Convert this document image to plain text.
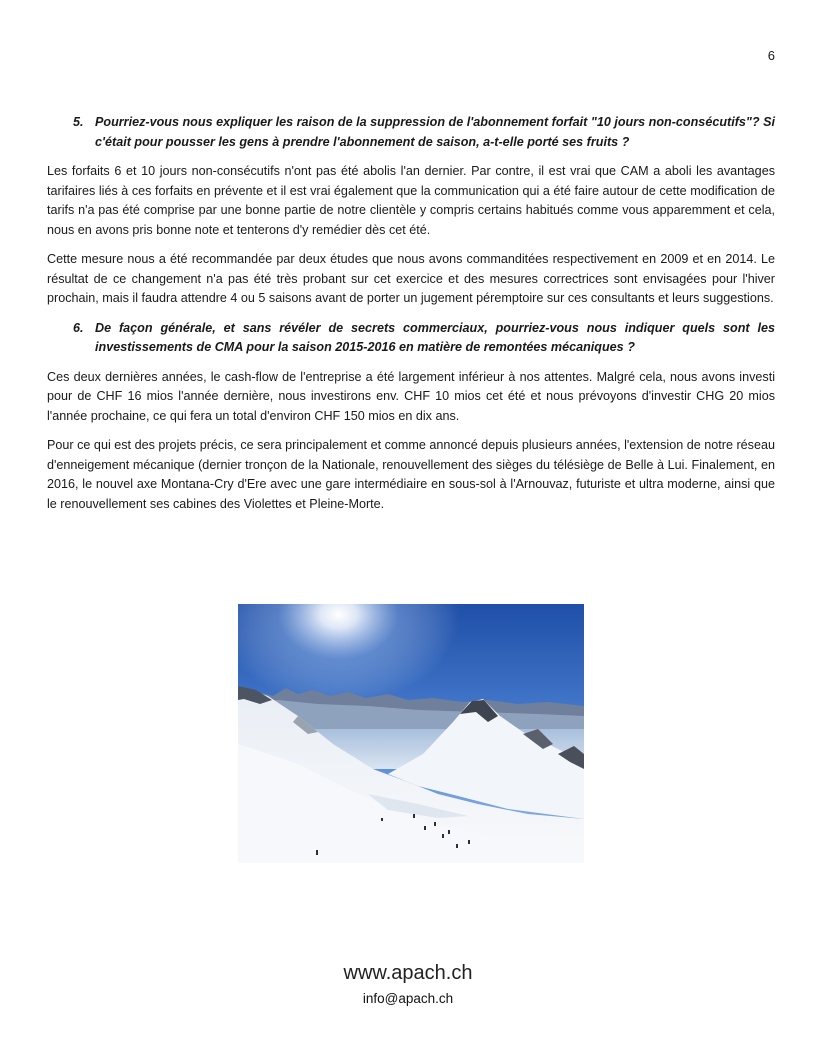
6
5. Pourriez-vous nous expliquer les raison de la suppression de l'abonnement forfait "10 jours non-consécutifs"? Si c'était pour pousser les gens à prendre l'abonnement de saison, a-t-elle porté ses fruits ?

Les forfaits 6 et 10 jours non-consécutifs n'ont pas été abolis l'an dernier. Par contre, il est vrai que CAM a aboli les avantages tarifaires liés à ces forfaits en prévente et il est vrai également que la communication qui a été faire autour de cette modification de tarifs n'a pas été comprise par une bonne partie de notre clientèle y compris certains habitués comme vous apparemment et cela, nous en avons pris bonne note et tenterons d'y remédier dès cet été.

Cette mesure nous a été recommandée par deux études que nous avons commanditées respectivement en 2009 et en 2014. Le résultat de ce changement n'a pas été très probant sur cet exercice et des mesures correctrices sont envisagées pour l'hiver prochain, mais il faudra attendre 4 ou 5 saisons avant de porter un jugement péremptoire sur ces consultants et leurs suggestions.

6. De façon générale, et sans révéler de secrets commerciaux, pourriez-vous nous indiquer quels sont les investissements de CMA pour la saison 2015-2016 en matière de remontées mécaniques ?

Ces deux dernières années, le cash-flow de l'entreprise a été largement inférieur à nos attentes. Malgré cela, nous avons investi pour de CHF 16 mios l'année dernière, nous investirons env. CHF 10 mios cet été et nous prévoyons d'investir CHG 20 mios l'année prochaine, ce qui fera un total d'environ CHF 150 mios en dix ans.

Pour ce qui est des projets précis, ce sera principalement et comme annoncé depuis plusieurs années, l'extension de notre réseau d'enneigement mécanique (dernier tronçon de la Nationale, renouvellement des sièges du télésiège de Belle à Lui. Finalement, en 2016, le nouvel axe Montana-Cry d'Ere avec une gare intermédiaire en sous-sol à l'Arnouvaz, futuriste et ultra moderne, ainsi que le renouvellement ses cabines des Violettes et Pleine-Morte.

www.apach.ch
info@apach.ch
